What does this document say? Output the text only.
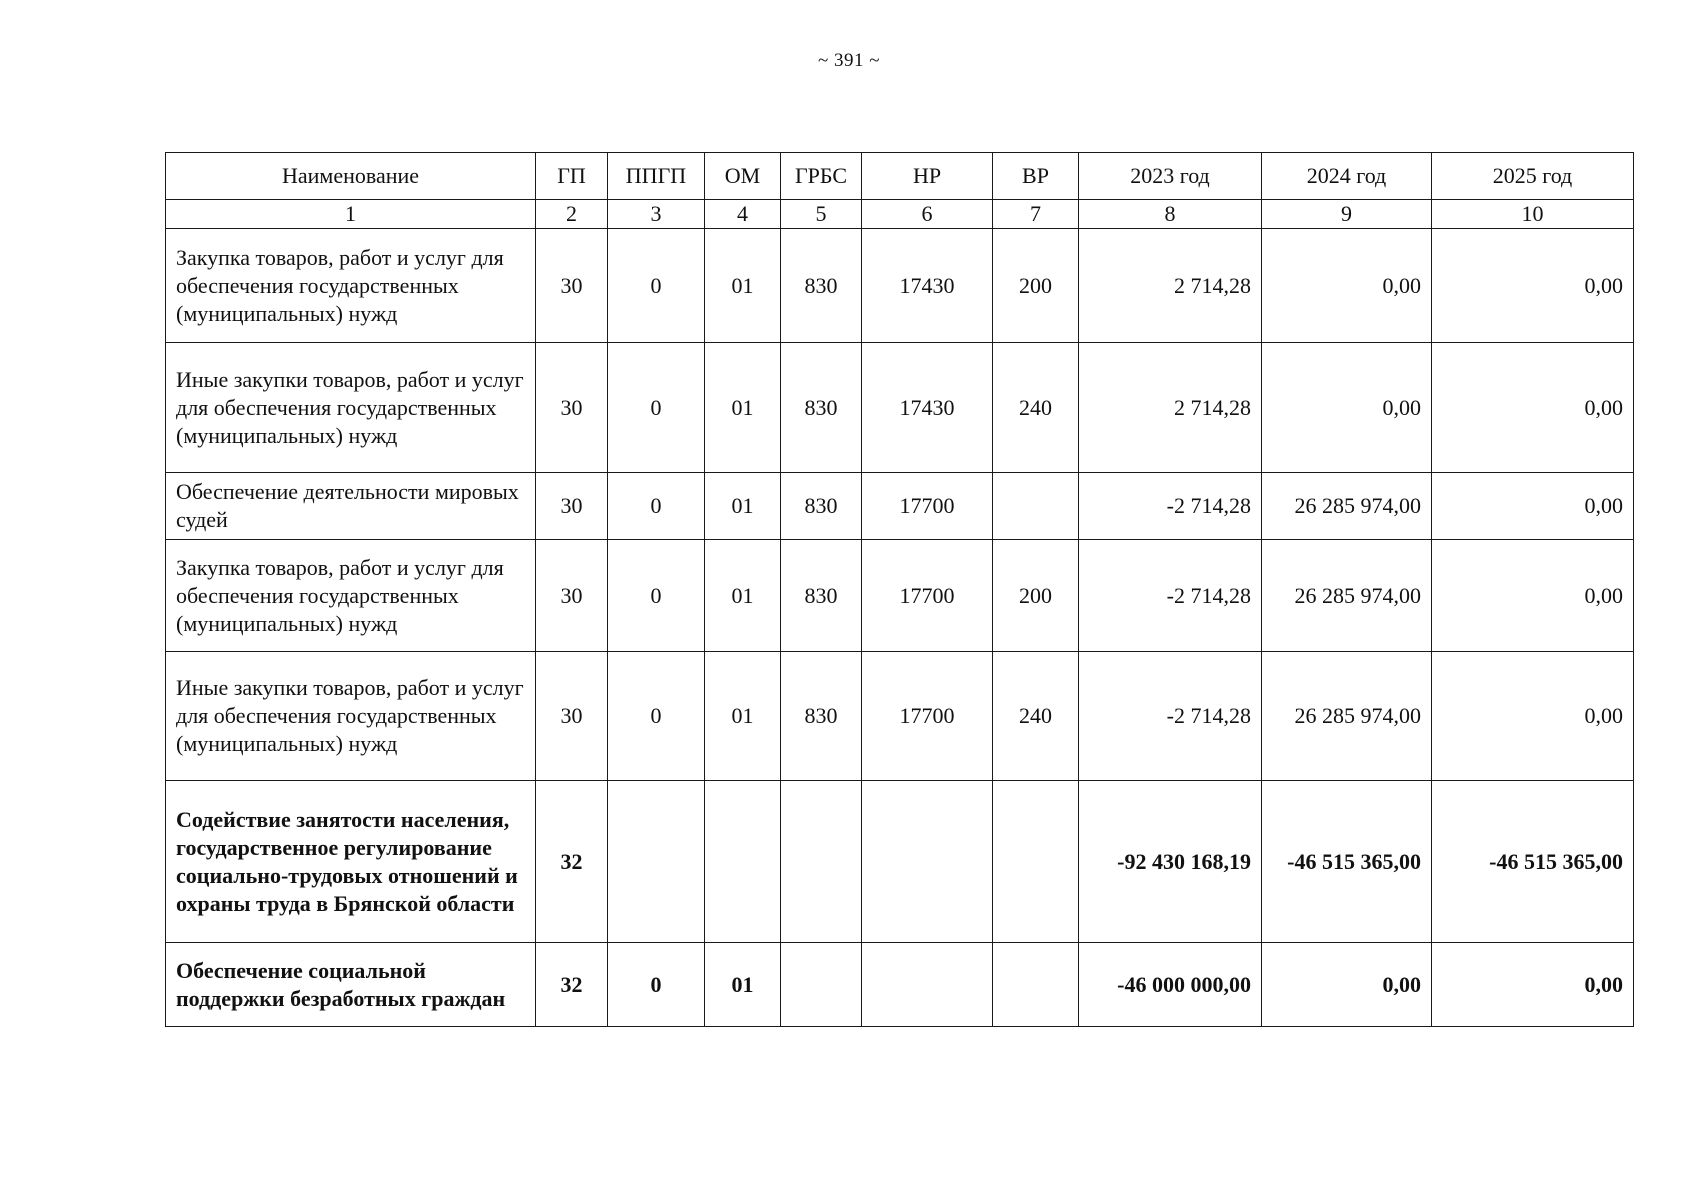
~ 391 ~
Наименование	ГП	ППГП	ОМ	ГРБС	НР	ВР	2023 год	2024 год	2025 год
1	2	3	4	5	6	7	8	9	10
Закупка товаров, работ и услуг для обеспечения государственных (муниципальных) нужд	30	0	01	830	17430	200	2 714,28	0,00	0,00
Иные закупки товаров, работ и услуг для обеспечения государственных (муниципальных) нужд	30	0	01	830	17430	240	2 714,28	0,00	0,00
Обеспечение деятельности мировых судей	30	0	01	830	17700		-2 714,28	26 285 974,00	0,00
Закупка товаров, работ и услуг для обеспечения государственных (муниципальных) нужд	30	0	01	830	17700	200	-2 714,28	26 285 974,00	0,00
Иные закупки товаров, работ и услуг для обеспечения государственных (муниципальных) нужд	30	0	01	830	17700	240	-2 714,28	26 285 974,00	0,00
Содействие занятости населения, государственное регулирование социально-трудовых отношений и охраны труда в Брянской области	32						-92 430 168,19	-46 515 365,00	-46 515 365,00
Обеспечение социальной поддержки безработных граждан	32	0	01				-46 000 000,00	0,00	0,00
